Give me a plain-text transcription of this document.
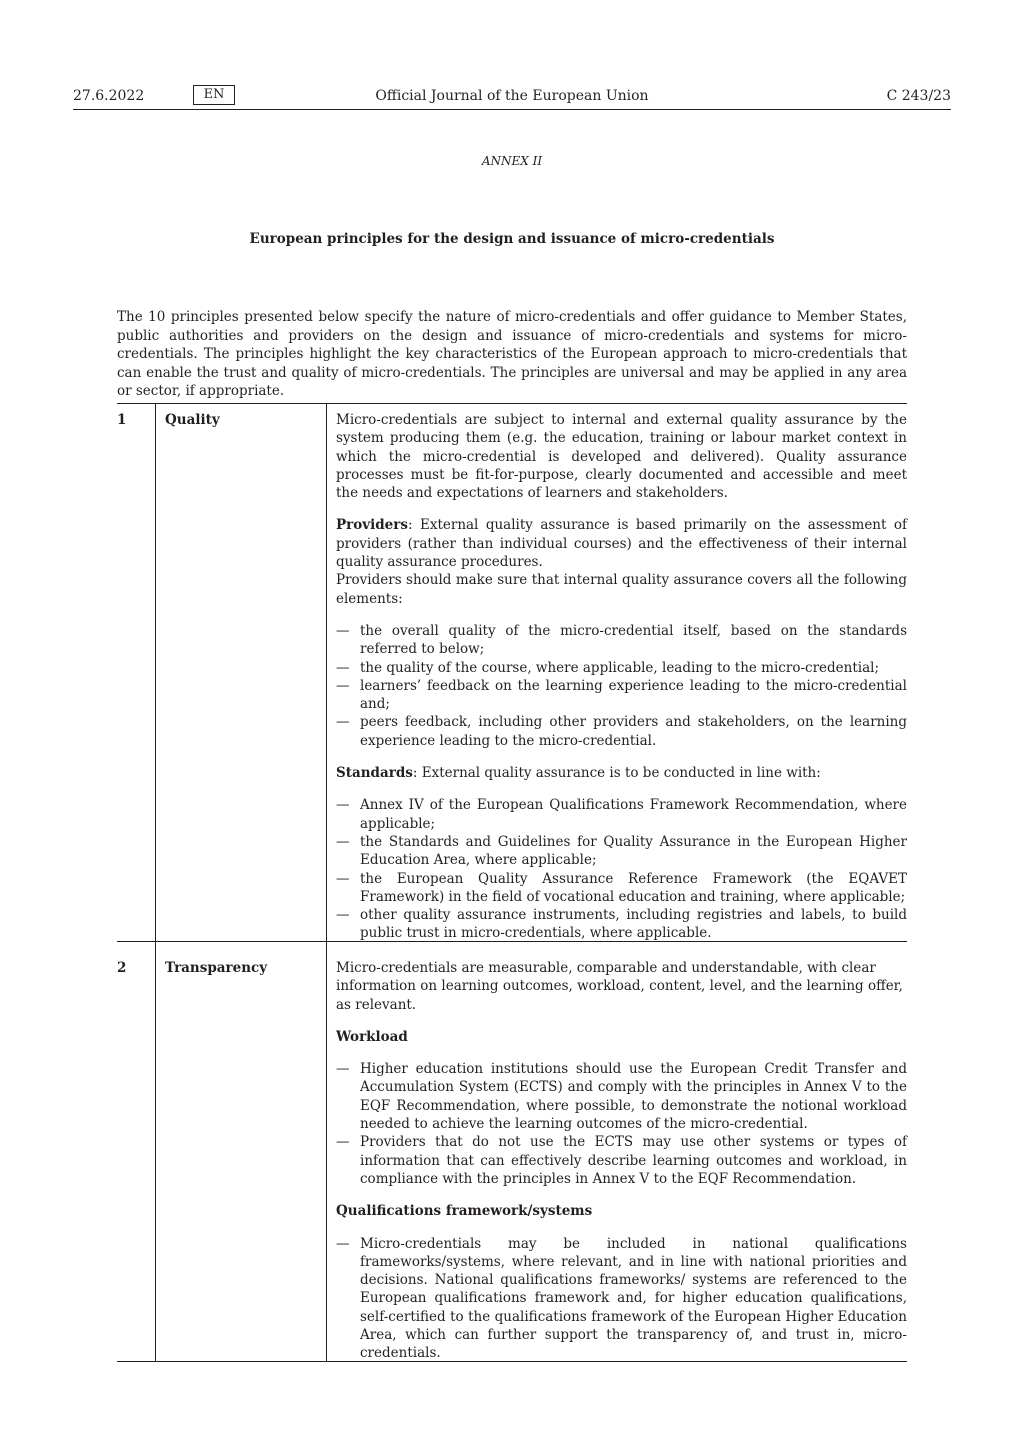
27.6.2022	Official Journal of the European Union
EN	C 243/23
ANNEX II
European principles for the design and issuance of micro-credentials
The 10 principles presented below specify the nature of micro-credentials and offer guidance to Member States, public authorities and providers on the design and issuance of micro-credentials and systems for micro-credentials. The principles highlight the key characteristics of the European approach to micro-credentials that can enable the trust and quality of micro-credentials. The principles are universal and may be applied in any area or sector, if appropriate.
1	Quality	Micro-credentials are subject to internal and external quality assurance by the system producing them (e.g. the education, training or labour market context in which the micro-credential is developed and delivered). Quality assurance processes must be fit-for-purpose, clearly documented and accessible and meet the needs and expectations of learners and stakeholders.

Providers: External quality assurance is based primarily on the assessment of providers (rather than individual courses) and the effectiveness of their internal quality assurance procedures.
Providers should make sure that internal quality assurance covers all the following elements:

— the overall quality of the micro-credential itself, based on the standards referred to below;
— the quality of the course, where applicable, leading to the micro-credential;
— learners’ feedback on the learning experience leading to the micro-credential and;
— peers feedback, including other providers and stakeholders, on the learning experience leading to the micro-credential.

Standards: External quality assurance is to be conducted in line with:

— Annex IV of the European Qualifications Framework Recommendation, where applicable;
— the Standards and Guidelines for Quality Assurance in the European Higher Education Area, where applicable;
— the European Quality Assurance Reference Framework (the EQAVET Framework) in the field of vocational education and training, where applicable;
— other quality assurance instruments, including registries and labels, to build public trust in micro-credentials, where applicable.
2	Transparency	Micro-credentials are measurable, comparable and understandable, with clear information on learning outcomes, workload, content, level, and the learning offer, as relevant.

Workload
— Higher education institutions should use the European Credit Transfer and Accumulation System (ECTS) and comply with the principles in Annex V to the EQF Recommendation, where possible, to demonstrate the notional workload needed to achieve the learning outcomes of the micro-credential.
— Providers that do not use the ECTS may use other systems or types of information that can effectively describe learning outcomes and workload, in compliance with the principles in Annex V to the EQF Recommendation.
Qualifications framework/systems
— Micro-credentials may be included in national qualifications frameworks/systems, where relevant, and in line with national priorities and decisions. National qualifications frameworks/ systems are referenced to the European qualifications framework and, for higher education qualifications, self-certified to the qualifications framework of the European Higher Education Area, which can further support the transparency of, and trust in, micro-credentials.
